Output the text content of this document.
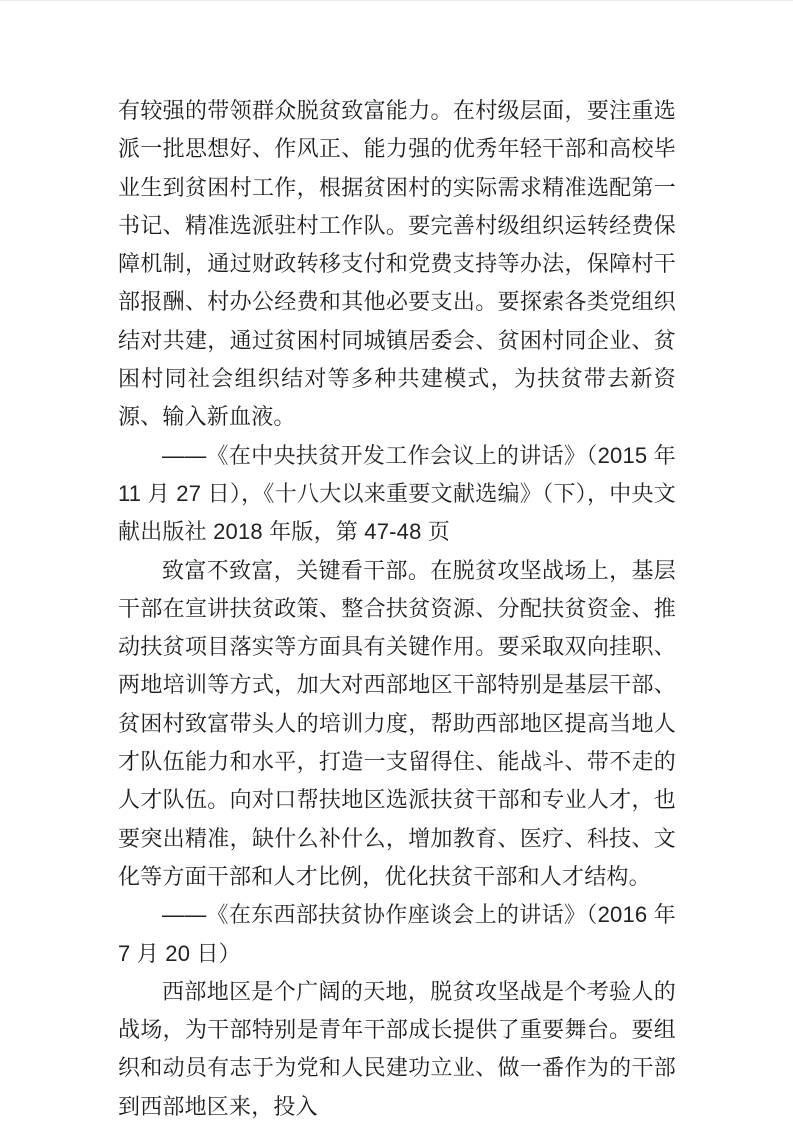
有较强的带领群众脱贫致富能力。在村级层面，要注重选派一批思想好、作风正、能力强的优秀年轻干部和高校毕业生到贫困村工作，根据贫困村的实际需求精准选配第一书记、精准选派驻村工作队。要完善村级组织运转经费保障机制，通过财政转移支付和党费支持等办法，保障村干部报酬、村办公经费和其他必要支出。要探索各类党组织结对共建，通过贫困村同城镇居委会、贫困村同企业、贫困村同社会组织结对等多种共建模式，为扶贫带去新资源、输入新血液。

——《在中央扶贫开发工作会议上的讲话》（2015 年 11 月 27 日），《十八大以来重要文献选编》（下），中央文献出版社 2018 年版，第 47-48 页

致富不致富，关键看干部。在脱贫攻坚战场上，基层干部在宣讲扶贫政策、整合扶贫资源、分配扶贫资金、推动扶贫项目落实等方面具有关键作用。要采取双向挂职、两地培训等方式，加大对西部地区干部特别是基层干部、贫困村致富带头人的培训力度，帮助西部地区提高当地人才队伍能力和水平，打造一支留得住、能战斗、带不走的人才队伍。向对口帮扶地区选派扶贫干部和专业人才，也要突出精准，缺什么补什么，增加教育、医疗、科技、文化等方面干部和人才比例，优化扶贫干部和人才结构。

——《在东西部扶贫协作座谈会上的讲话》（2016 年 7 月 20 日）

西部地区是个广阔的天地，脱贫攻坚战是个考验人的战场，为干部特别是青年干部成长提供了重要舞台。要组织和动员有志于为党和人民建功立业、做一番作为的干部到西部地区来，投入
